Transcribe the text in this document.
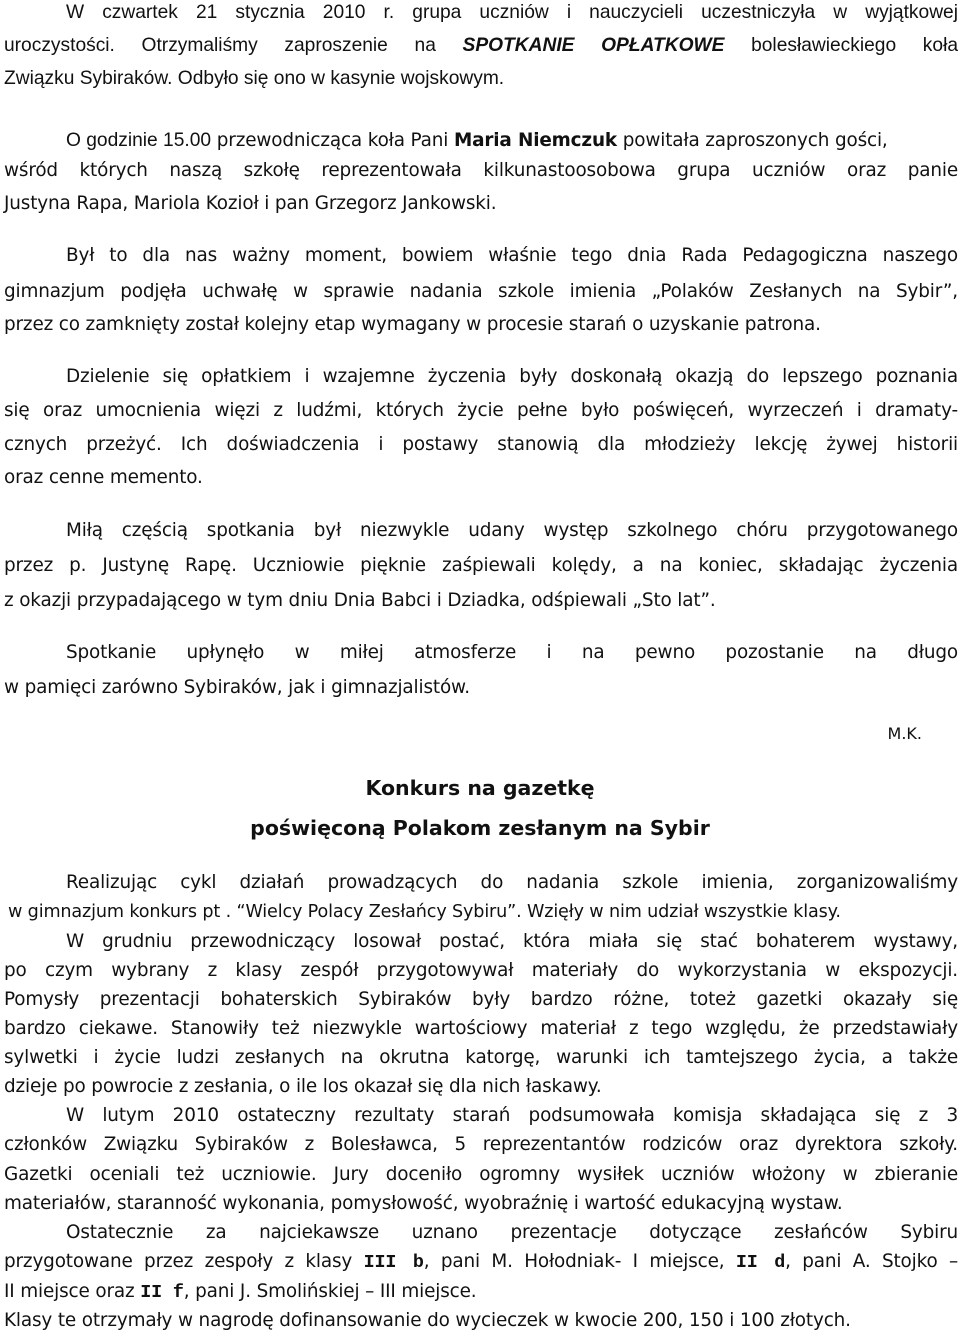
W czwartek 21 stycznia 2010 r. grupa uczniów i nauczycieli uczestniczyła w wyjątkowej
uroczystości. Otrzymaliśmy zaproszenie na SPOTKANIE OPŁATKOWE bolesławieckiego koła
Związku Sybiraków. Odbyło się ono w kasynie wojskowym.
O godzinie 15.00 przewodnicząca koła Pani Maria Niemczuk powitała zaproszonych gości,
wśród których naszą szkołę reprezentowała kilkunastoosobowa grupa uczniów oraz panie
Justyna Rapa, Mariola Kozioł i pan Grzegorz Jankowski.
Był to dla nas ważny moment, bowiem właśnie tego dnia Rada Pedagogiczna naszego
gimnazjum podjęła uchwałę w sprawie nadania szkole imienia „Polaków Zesłanych na Sybir”,
przez co zamknięty został kolejny etap wymagany w procesie starań o uzyskanie patrona.
Dzielenie się opłatkiem i wzajemne życzenia były doskonałą okazją do lepszego poznania
się oraz umocnienia więzi z ludźmi, których życie pełne było poświęceń, wyrzeczeń i dramaty-
cznych przeżyć. Ich doświadczenia i postawy stanowią dla młodzieży lekcję żywej historii
oraz cenne memento.
Miłą częścią spotkania był niezwykle udany występ szkolnego chóru przygotowanego
przez p. Justynę Rapę. Uczniowie pięknie zaśpiewali kolędy, a na koniec, składając życzenia
z okazji przypadającego w tym dniu Dnia Babci i Dziadka, odśpiewali „Sto lat”.
Spotkanie upłynęło w miłej atmosferze i na pewno pozostanie na długo
w pamięci zarówno Sybiraków, jak i gimnazjalistów.
M.K.
Konkurs na gazetkę
poświęconą Polakom zesłanym na Sybir
Realizując cykl działań prowadzących do nadania szkole imienia, zorganizowaliśmy
w gimnazjum konkurs pt . “Wielcy Polacy Zesłańcy Sybiru”. Wzięły w nim udział wszystkie klasy.
W grudniu przewodniczący losował postać, która miała się stać bohaterem wystawy,
po czym wybrany z klasy zespół przygotowywał materiały do wykorzystania w ekspozycji.
Pomysły prezentacji bohaterskich Sybiraków były bardzo różne, toteż gazetki okazały się
bardzo ciekawe. Stanowiły też niezwykle wartościowy materiał z tego względu, że przedstawiały
sylwetki i życie ludzi zesłanych na okrutna katorgę, warunki ich tamtejszego życia, a także
dzieje po powrocie z zesłania, o ile los okazał się dla nich łaskawy.
W lutym 2010 ostateczny rezultaty starań podsumowała komisja składająca się z 3
członków Związku Sybiraków z Bolesławca, 5 reprezentantów rodziców oraz dyrektora szkoły.
Gazetki oceniali też uczniowie. Jury doceniło ogromny wysiłek uczniów włożony w zbieranie
materiałów, staranność wykonania, pomysłowość, wyobraźnię i wartość edukacyjną wystaw.
Ostatecznie za najciekawsze uznano prezentacje dotyczące zesłańców Sybiru
przygotowane przez zespoły z klasy III b, pani M. Hołodniak- I miejsce, II d, pani A. Stojko –
II miejsce oraz II f, pani J. Smolińskiej – III miejsce.
Klasy te otrzymały w nagrodę dofinansowanie do wycieczek w kwocie 200, 150 i 100 złotych.
